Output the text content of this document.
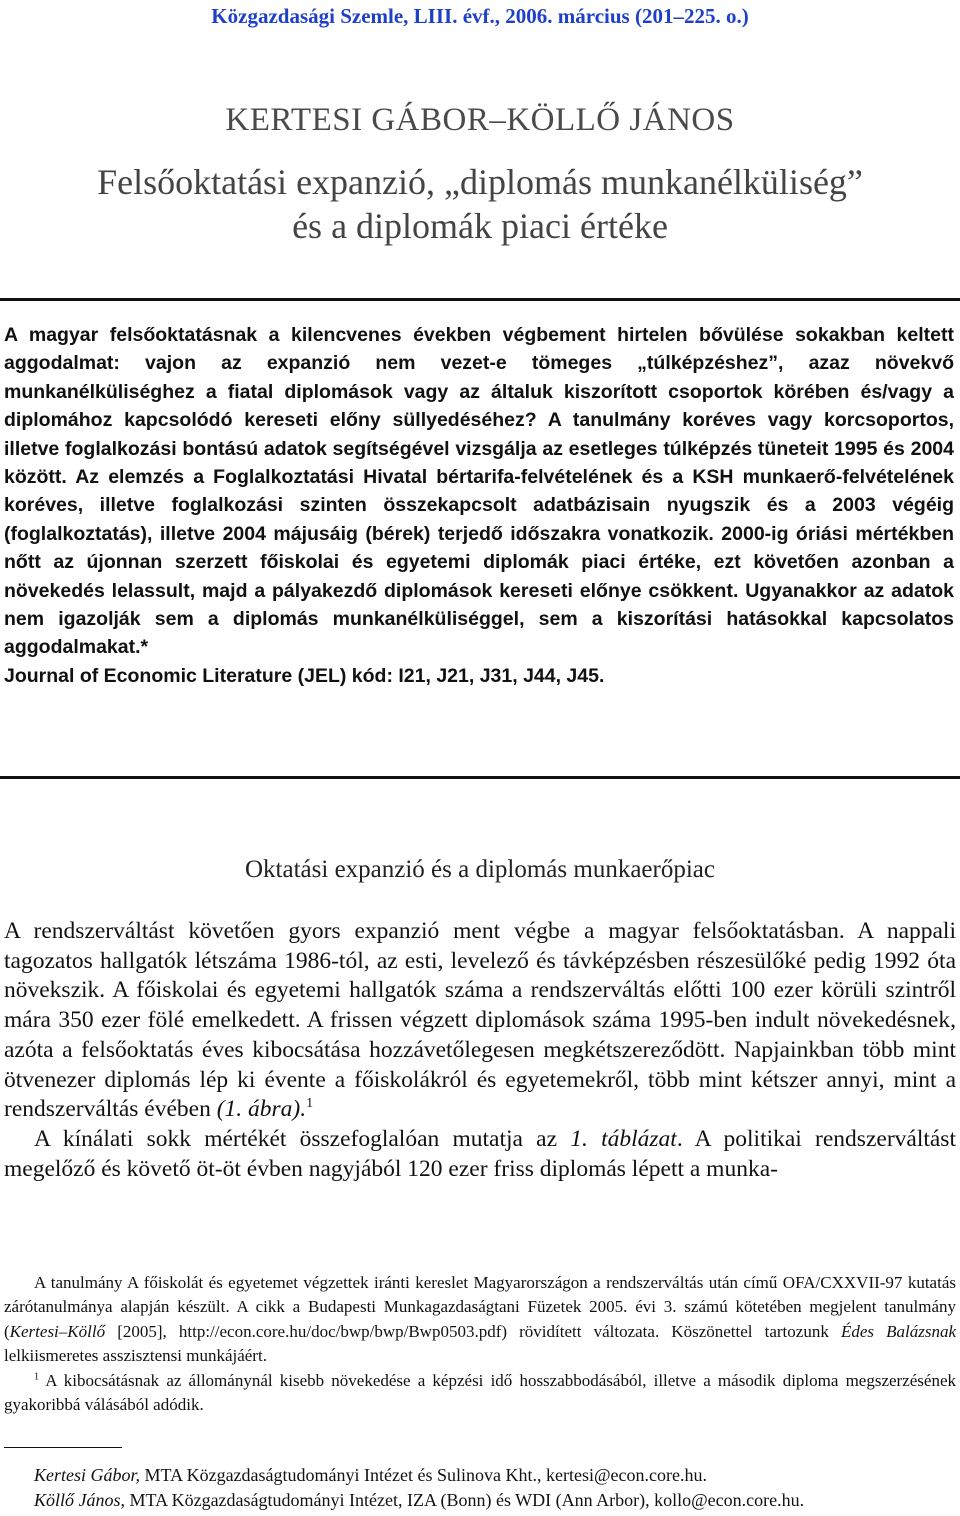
Közgazdasági Szemle, LIII. évf., 2006. március (201–225. o.)
KERTESI GÁBOR–KÖLLŐ JÁNOS
Felsőoktatási expanzió, „diplomás munkanélküliség”
és a diplomák piaci értéke

A magyar felsőoktatásnak a kilencvenes években végbement hirtelen bővülése sokakban keltett aggodalmat: vajon az expanzió nem vezet-e tömeges „túlképzéshez”, azaz növekvő munkanélküliséghez a fiatal diplomások vagy az általuk kiszorított csoportok körében és/vagy a diplomához kapcsolódó kereseti előny süllyedéséhez? A tanulmány koréves vagy korcsoportos, illetve foglalkozási bontású adatok segítségével vizsgálja az esetleges túlképzés tüneteit 1995 és 2004 között. Az elemzés a Foglalkoztatási Hivatal bértarifa-felvételének és a KSH munkaerő-felvételének koréves, illetve foglalkozási szinten összekapcsolt adatbázisain nyugszik és a 2003 végéig (foglalkoztatás), illetve 2004 májusáig (bérek) terjedő időszakra vonatkozik. 2000-ig óriási mértékben nőtt az újonnan szerzett főiskolai és egyetemi diplomák piaci értéke, ezt követően azonban a növekedés lelassult, majd a pályakezdő diplomások kereseti előnye csökkent. Ugyanakkor az adatok nem igazolják sem a diplomás munkanélküliséggel, sem a kiszorítási hatásokkal kapcsolatos aggodalmakat.*

Journal of Economic Literature (JEL) kód: I21, J21, J31, J44, J45.

Oktatási expanzió és a diplomás munkaerőpiac

A rendszerváltást követően gyors expanzió ment végbe a magyar felsőoktatásban. A nappali tagozatos hallgatók létszáma 1986-tól, az esti, levelező és távképzésben részesülőké pedig 1992 óta növekszik. A főiskolai és egyetemi hallgatók száma a rendszerváltás előtti 100 ezer körüli szintről mára 350 ezer fölé emelkedett. A frissen végzett diplomások száma 1995-ben indult növekedésnek, azóta a felsőoktatás éves kibocsátása hozzávetőlegesen megkétszereződött. Napjainkban több mint ötvenezer diplomás lép ki évente a főiskolákról és egyetemekről, több mint kétszer annyi, mint a rendszerváltás évében (1. ábra).$^1$

A kínálati sokk mértékét összefoglalóan mutatja az 1. táblázat. A politikai rendszerváltást megelőző és követő öt-öt évben nagyjából 120 ezer friss diplomás lépett a munka-

A tanulmány A főiskolát és egyetemet végzettek iránti kereslet Magyarországon a rendszerváltás után című OFA/CXXVII-97 kutatás zárótanulmánya alapján készült. A cikk a Budapesti Munkagazdaságtani Füzetek 2005. évi 3. számú kötetében megjelent tanulmány (Kertesi–Köllő [2005], http://econ.core.hu/doc/bwp/bwp/Bwp0503.pdf) rövidített változata. Köszönettel tartozunk Édes Balázsnak lelkiismeretes asszisztensi munkájáért.

$^1$ A kibocsátásnak az állománynál kisebb növekedése a képzési idő hosszabbodásából, illetve a második diploma megszerzésének gyakoribbá válásából adódik.

Kertesi Gábor, MTA Közgazdaságtudományi Intézet és Sulinova Kht., kertesi@econ.core.hu.

Köllő János, MTA Közgazdaságtudományi Intézet, IZA (Bonn) és WDI (Ann Arbor), kollo@econ.core.hu.
